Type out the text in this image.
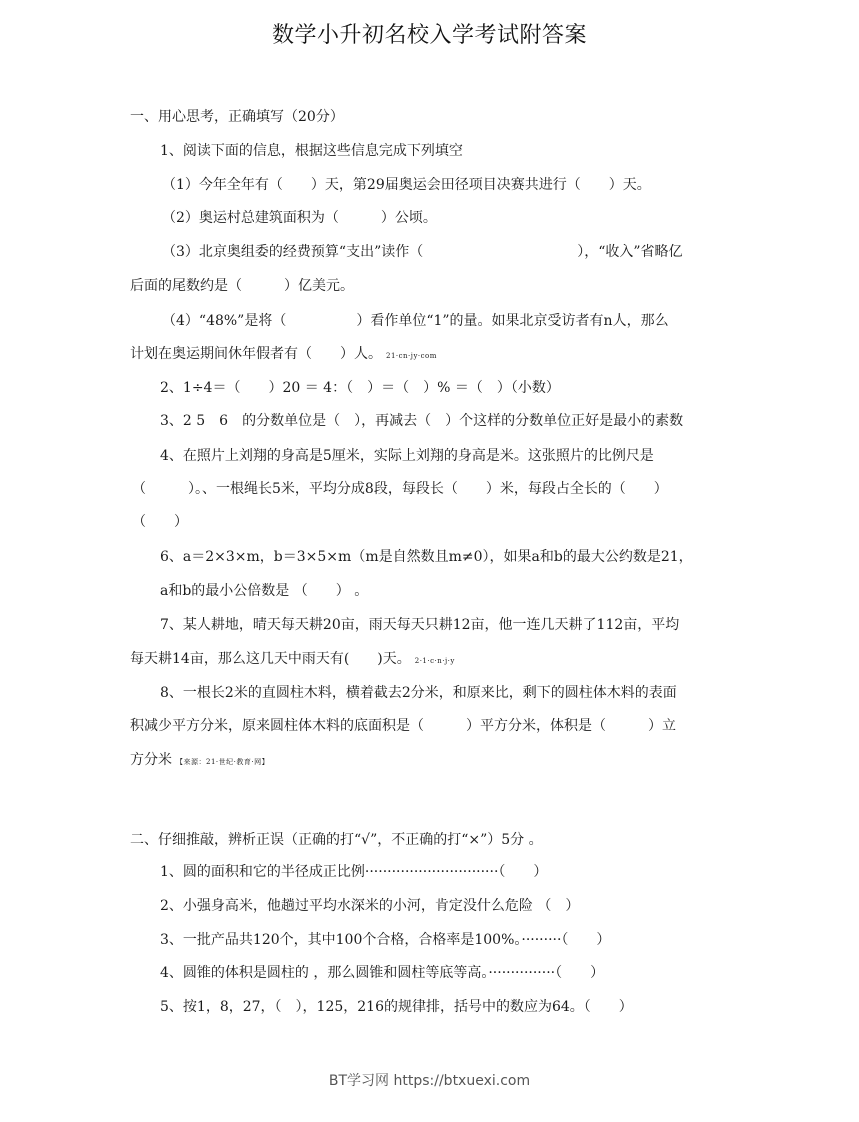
数学小升初名校入学考试附答案
一、用心思考，正确填写（20分）
1、阅读下面的信息，根据这些信息完成下列填空
（1）今年全年有（　　）天，第29届奥运会田径项目决赛共进行（　　）天。
（2）奥运村总建筑面积为（　　　）公顷。
（3）北京奥组委的经费预算“支出”读作（　　　　　　　　　　　），“收入”省略亿
后面的尾数约是（　　　）亿美元。
（4）“48%”是将（　　　　　）看作单位“1”的量。如果北京受访者有n人，那么
计划在奥运期间休年假者有（　　）人。 21·cn·jy·com
2、1÷4＝（　　）20 ＝ 4：（　）＝（　）% ＝（　）（小数）
3、2 5　6　的分数单位是（　），再减去（　）个这样的分数单位正好是最小的素数
4、在照片上刘翔的身高是5厘米，实际上刘翔的身高是米。这张照片的比例尺是
（　　　）。、一根绳长5米，平均分成8段，每段长（　　）米，每段占全长的（　　）
（　　）
6、a＝2×3×m，b＝3×5×m（m是自然数且m≠0），如果a和b的最大公约数是21，
a和b的最小公倍数是 （　　） 。
7、某人耕地，晴天每天耕20亩，雨天每天只耕12亩，他一连几天耕了112亩，平均
每天耕14亩，那么这几天中雨天有(　　)天。 2·1·c·n·j·y
8、一根长2米的直圆柱木料，横着截去2分米，和原来比，剩下的圆柱体木料的表面
积减少平方分米，原来圆柱体木料的底面积是（　　　）平方分米，体积是（　　　）立
方分米 【来源：21·世纪·教育·网】
二、仔细推敲，辨析正误（正确的打“√”，不正确的打“×”）5分 。
1、圆的面积和它的半径成正比例······························（　　）
2、小强身高米，他趟过平均水深米的小河，肯定没什么危险 （　）
3、一批产品共120个，其中100个合格，合格率是100%。·········（　　）
4、圆锥的体积是圆柱的 ，那么圆锥和圆柱等底等高。···············（　　）
5、按1，8，27，（　），125，216的规律排，括号中的数应为64。（　　）
BT学习网 https://btxuexi.com
